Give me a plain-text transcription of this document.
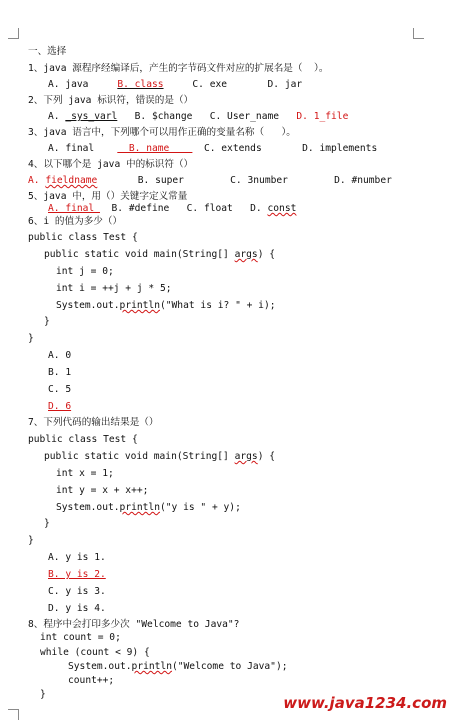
一、选择
1、java 源程序经编译后，产生的字节码文件对应的扩展名是（  ）。
A. java     B. class     C. exe       D. jar
2、下列 java 标识符，错误的是（）
A. _sys_varl   B. $change   C. User_name   D. 1_file
3、java 语言中，下列哪个可以用作正确的变量名称（   ）。
A. final      B. name      C. extends       D. implements
4、以下哪个是 java 中的标识符（）
A. fieldname       B. super        C. 3number        D. #number
5、java 中，用（）关键字定义常量
A. final   B. #define   C. float   D. const
6、i 的值为多少（）
public class Test {
public static void main(String[] args) {
int j = 0;
int i = ++j + j * 5;
System.out.println("What is i? " + i);
}
}
A. 0
B. 1
C. 5
D. 6
7、下列代码的输出结果是（）
public class Test {
public static void main(String[] args) {
int x = 1;
int y = x + x++;
System.out.println("y is " + y);
}
}
A. y is 1.
B. y is 2.
C. y is 3.
D. y is 4.
8、程序中会打印多少次 "Welcome to Java"?
int count = 0;
while (count < 9) {
System.out.println("Welcome to Java");
count++;
}	www.java1234.com
